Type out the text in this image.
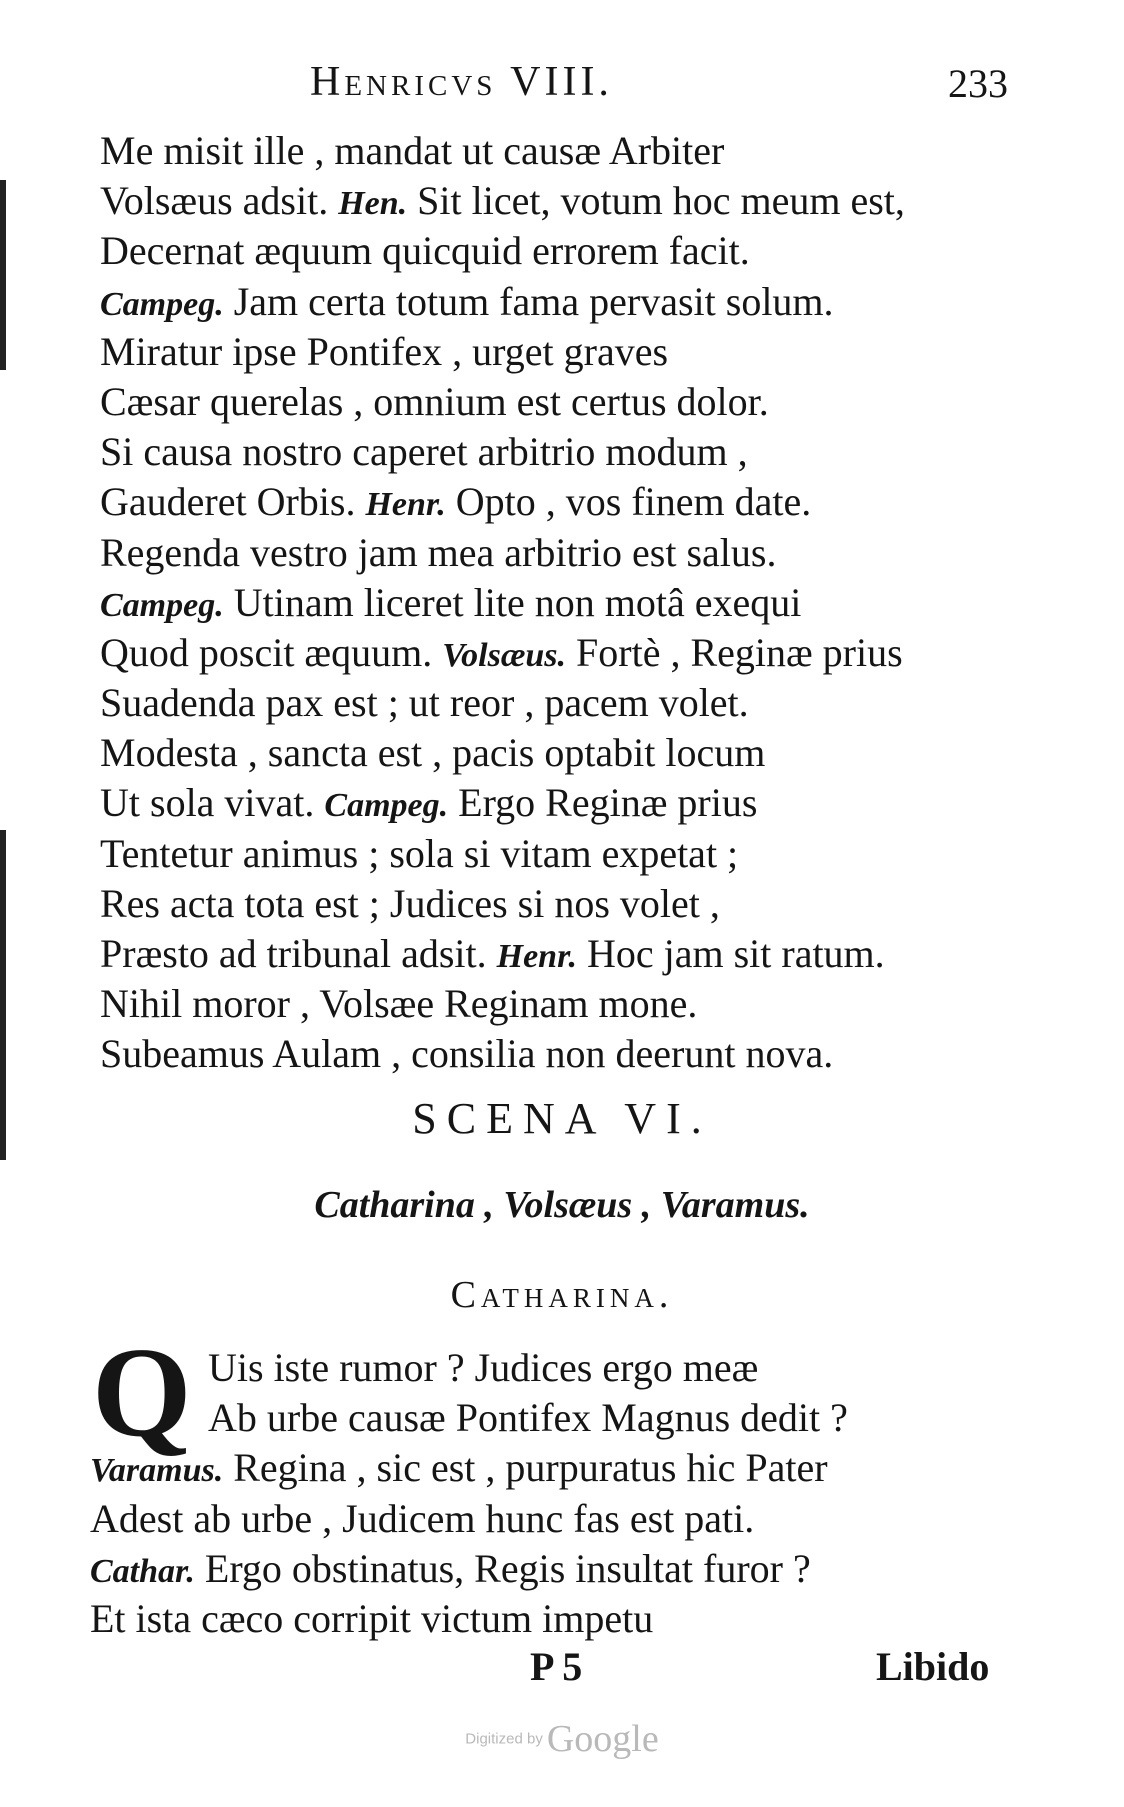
Henricvs VIII.	233
Me misit ille , mandat ut causæ Arbiter
Volsæus adsit. Hen. Sit licet, votum hoc meum est,
Decernat æquum quicquid errorem facit.
Campeg. Jam certa totum fama pervasit solum.
Miratur ipse Pontifex , urget graves
Cæsar querelas , omnium est certus dolor.
Si causa nostro caperet arbitrio modum ,
Gauderet Orbis. Henr. Opto , vos finem date.
Regenda vestro jam mea arbitrio est salus.
Campeg. Utinam liceret lite non motâ exequi
Quod poscit æquum. Volsæus. Fortè , Reginæ prius
Suadenda pax est ; ut reor , pacem volet.
Modesta , sancta est , pacis optabit locum
Ut sola vivat. Campeg. Ergo Reginæ prius
Tentetur animus ; sola si vitam expetat ;
Res acta tota est ; Judices si nos volet ,
Præsto ad tribunal adsit. Henr. Hoc jam sit ratum.
Nihil moror , Volsæe Reginam mone.
Subeamus Aulam , consilia non deerunt nova.
SCENA VI.
Catharina , Volsæus , Varamus.
Catharina.
Q Uis iste rumor ? Judices ergo meæ
Ab urbe causæ Pontifex Magnus dedit ?
Varamus. Regina , sic est , purpuratus hic Pater
Adest ab urbe , Judicem hunc fas est pati.
Cathar. Ergo obstinatus, Regis insultat furor ?
Et ista cæco corripit victum impetu
P 5	Libido
Digitized by Google
